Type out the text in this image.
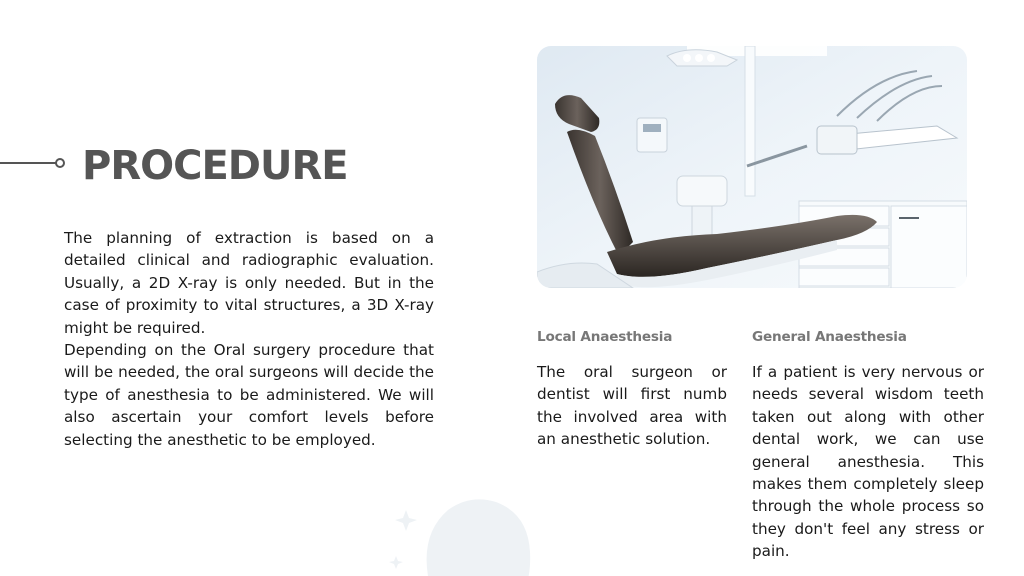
PROCEDURE

The planning of extraction is based on a detailed clinical and radiographic evaluation. Usually, a 2D X-ray is only needed. But in the case of proximity to vital structures, a 3D X-ray might be required.

Depending on the Oral surgery procedure that will be needed, the oral surgeons will decide the type of anesthesia to be administered. We will also ascertain your comfort levels before selecting the anesthetic to be employed.

Local Anaesthesia
The oral surgeon or dentist will first numb the involved area with an anesthetic solution.
General Anaesthesia
If a patient is very nervous or needs several wisdom teeth taken out along with other dental work, we can use general anesthesia. This makes them completely sleep through the whole process so they don't feel any stress or pain.
